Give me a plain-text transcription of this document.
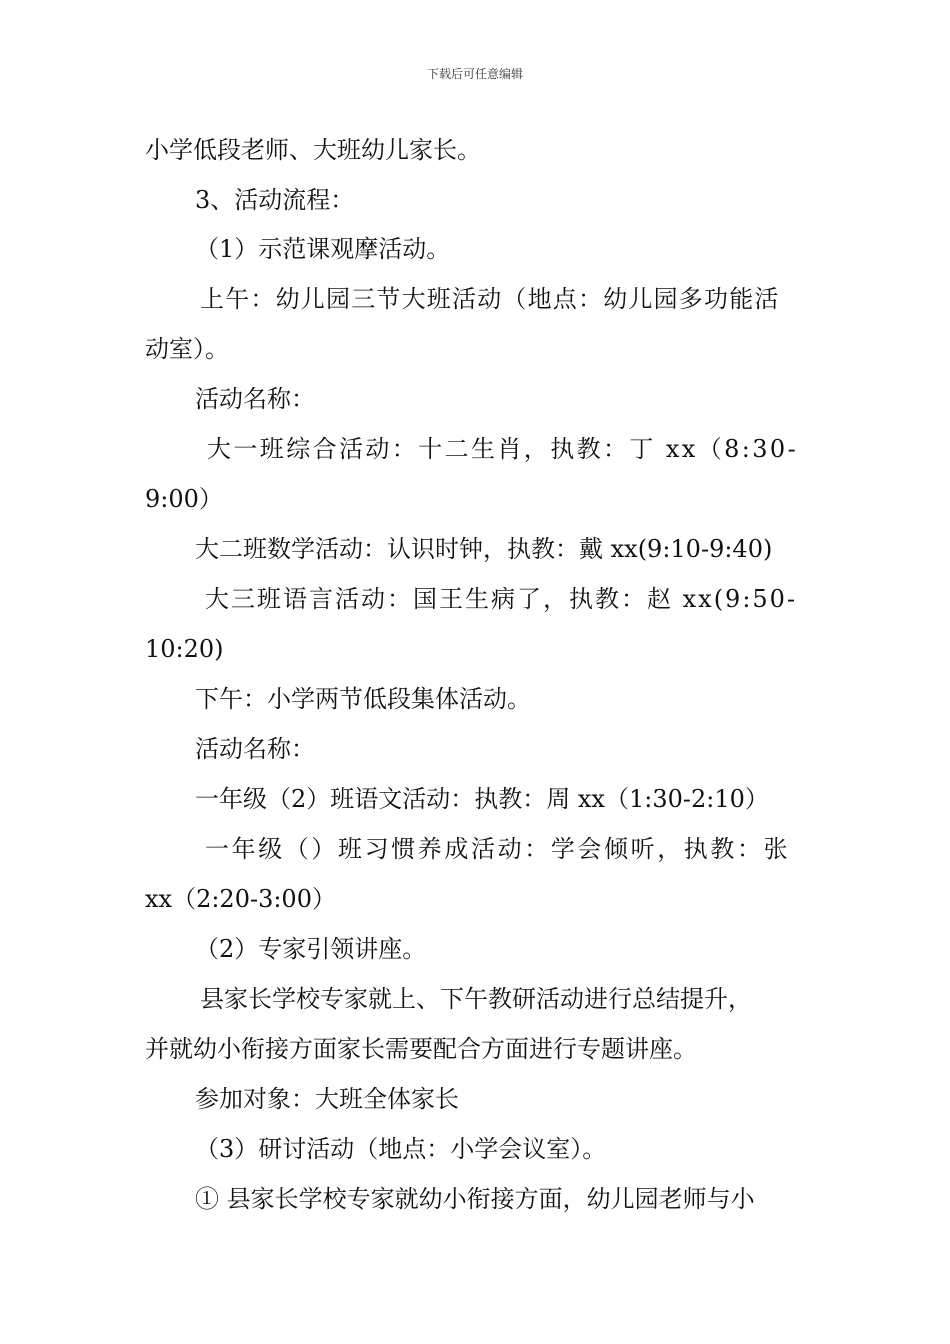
下载后可任意编辑
小学低段老师、大班幼儿家长。
3、活动流程：
（1）示范课观摩活动。
上午：幼儿园三节大班活动（地点：幼儿园多功能活
动室）。
活动名称：
大一班综合活动：十二生肖，执教：丁 xx（8:30-
9:00）
大二班数学活动：认识时钟，执教：戴 xx(9:10-9:40)
大三班语言活动：国王生病了，执教：赵 xx(9:50-
10:20)
下午：小学两节低段集体活动。
活动名称：
一年级（2）班语文活动：执教：周 xx（1:30-2:10）
一年级（）班习惯养成活动：学会倾听，执教：张
xx（2:20-3:00）
（2）专家引领讲座。
县家长学校专家就上、下午教研活动进行总结提升，
并就幼小衔接方面家长需要配合方面进行专题讲座。
参加对象：大班全体家长
（3）研讨活动（地点：小学会议室）。
① 县家长学校专家就幼小衔接方面，幼儿园老师与小
